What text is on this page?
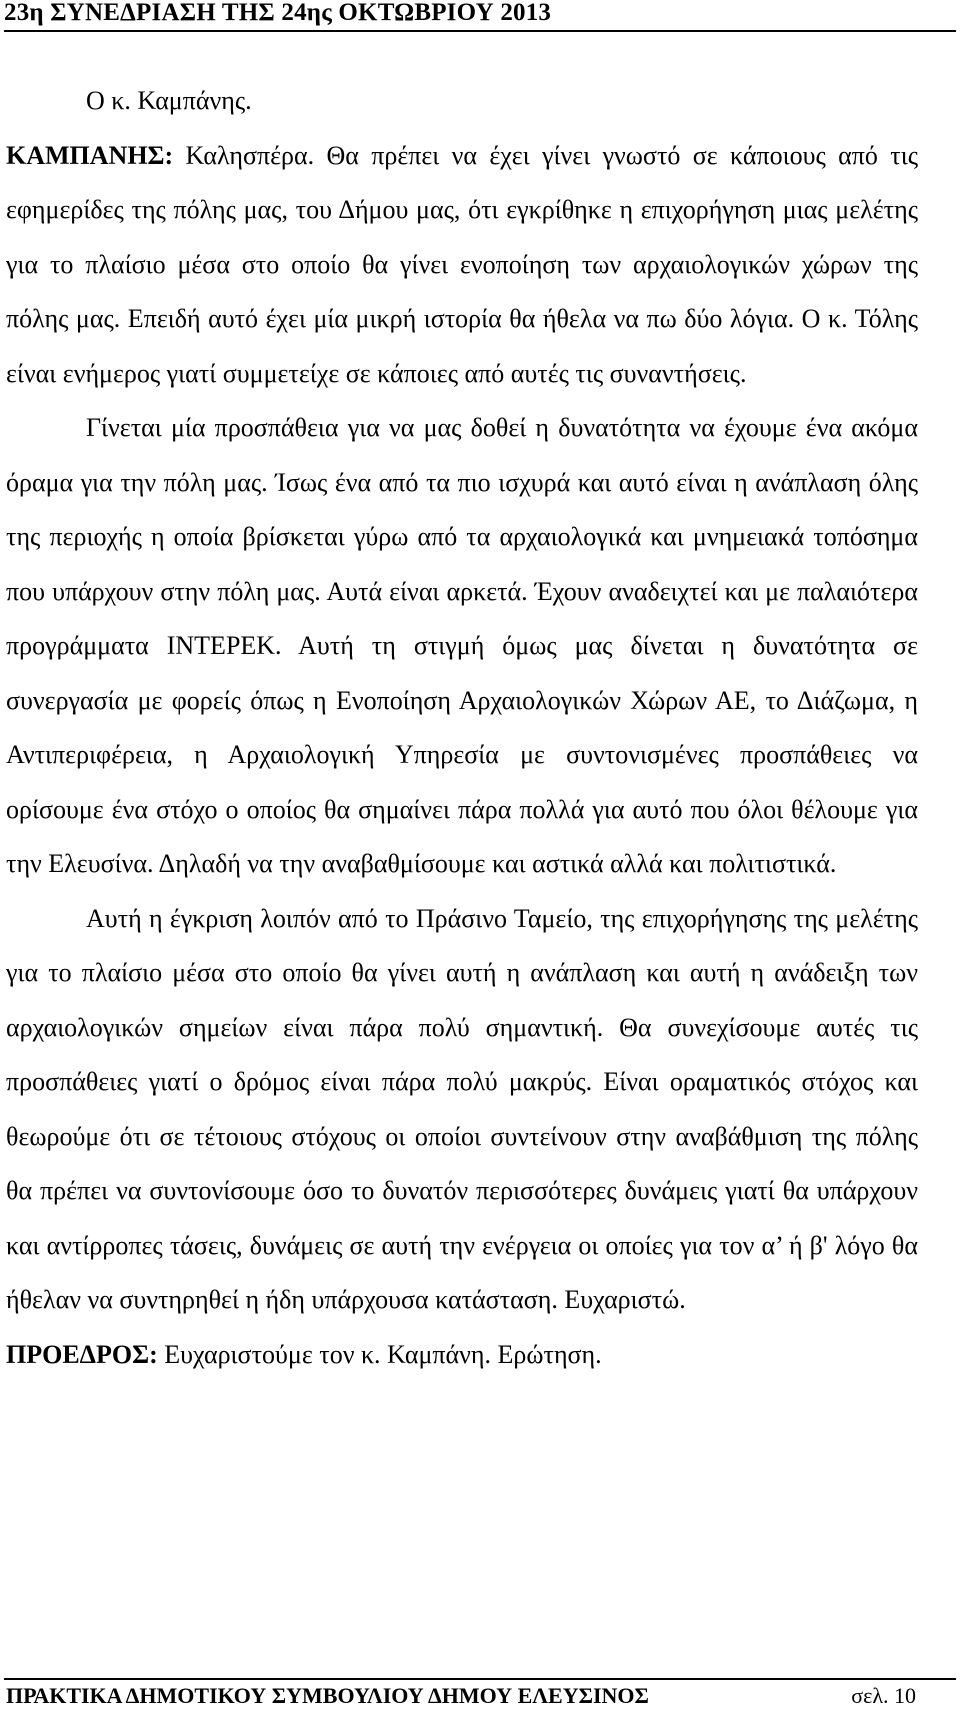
23η ΣΥΝΕΔΡΙΑΣΗ ΤΗΣ 24ης ΟΚΤΩΒΡΙΟΥ 2013

Ο κ. Καμπάνης.

ΚΑΜΠΑΝΗΣ: Καλησπέρα. Θα πρέπει να έχει γίνει γνωστό σε κάποιους από τις εφημερίδες της πόλης μας, του Δήμου μας, ότι εγκρίθηκε η επιχορήγηση μιας μελέτης για το πλαίσιο μέσα στο οποίο θα γίνει ενοποίηση των αρχαιολογικών χώρων της πόλης μας. Επειδή αυτό έχει μία μικρή ιστορία θα ήθελα να πω δύο λόγια. Ο κ. Τόλης είναι ενήμερος γιατί συμμετείχε σε κάποιες από αυτές τις συναντήσεις.

Γίνεται μία προσπάθεια για να μας δοθεί η δυνατότητα να έχουμε ένα ακόμα όραμα για την πόλη μας. Ίσως ένα από τα πιο ισχυρά και αυτό είναι η ανάπλαση όλης της περιοχής η οποία βρίσκεται γύρω από τα αρχαιολογικά και μνημειακά τοπόσημα που υπάρχουν στην πόλη μας. Αυτά είναι αρκετά. Έχουν αναδειχτεί και με παλαιότερα προγράμματα ΙΝΤΕΡΕΚ. Αυτή τη στιγμή όμως μας δίνεται η δυνατότητα σε συνεργασία με φορείς όπως η Ενοποίηση Αρχαιολογικών Χώρων ΑΕ, το Διάζωμα, η Αντιπεριφέρεια, η Αρχαιολογική Υπηρεσία με συντονισμένες προσπάθειες να ορίσουμε ένα στόχο ο οποίος θα σημαίνει πάρα πολλά για αυτό που όλοι θέλουμε για την Ελευσίνα. Δηλαδή να την αναβαθμίσουμε και αστικά αλλά και πολιτιστικά.

Αυτή η έγκριση λοιπόν από το Πράσινο Ταμείο, της επιχορήγησης της μελέτης για το πλαίσιο μέσα στο οποίο θα γίνει αυτή η ανάπλαση και αυτή η ανάδειξη των αρχαιολογικών σημείων είναι πάρα πολύ σημαντική. Θα συνεχίσουμε αυτές τις προσπάθειες γιατί ο δρόμος είναι πάρα πολύ μακρύς. Είναι οραματικός στόχος και θεωρούμε ότι σε τέτοιους στόχους οι οποίοι συντείνουν στην αναβάθμιση της πόλης θα πρέπει να συντονίσουμε όσο το δυνατόν περισσότερες δυνάμεις γιατί θα υπάρχουν και αντίρροπες τάσεις, δυνάμεις σε αυτή την ενέργεια οι οποίες για τον α’ ή β' λόγο θα ήθελαν να συντηρηθεί η ήδη υπάρχουσα κατάσταση. Ευχαριστώ.

ΠΡΟΕΔΡΟΣ: Ευχαριστούμε τον κ. Καμπάνη. Ερώτηση.

ΠΡΑΚΤΙΚΑ ΔΗΜΟΤΙΚΟΥ ΣΥΜΒΟΥΛΙΟΥ ΔΗΜΟΥ ΕΛΕΥΣΙΝΟΣ	σελ. 10
